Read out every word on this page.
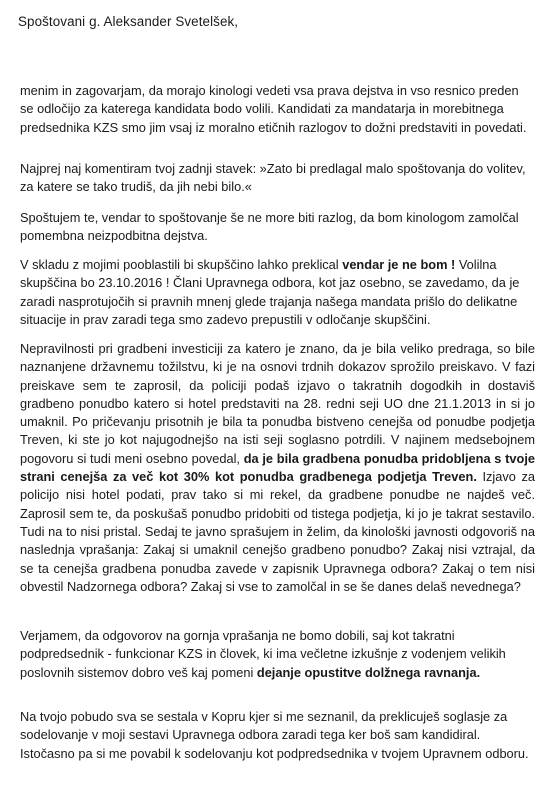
Spoštovani g. Aleksander Svetelšek,

menim in zagovarjam, da morajo kinologi vedeti vsa prava dejstva in vso resnico preden se odločijo za katerega kandidata bodo volili. Kandidati za mandatarja in morebitnega predsednika KZS smo jim vsaj iz moralno etičnih razlogov to dožni predstaviti in povedati.

Najprej naj komentiram tvoj zadnji stavek: »Zato bi predlagal malo spoštovanja do volitev, za katere se tako trudiš, da jih nebi bilo.«

Spoštujem te, vendar to spoštovanje še ne more biti razlog, da bom kinologom zamolčal pomembna neizpodbitna dejstva.

V skladu z mojimi pooblastili bi skupščino lahko preklical vendar je ne bom ! Volilna skupščina bo 23.10.2016 ! Člani Upravnega odbora, kot jaz osebno, se zavedamo, da je zaradi nasprotujočih si pravnih mnenj glede trajanja našega mandata prišlo do delikatne situacije in prav zaradi tega smo zadevo prepustili v odločanje skupščini.

Nepravilnosti pri gradbeni investiciji za katero je znano, da je bila veliko predraga, so bile naznanjene državnemu tožilstvu, ki je na osnovi trdnih dokazov sprožilo preiskavo. V fazi preiskave sem te zaprosil, da policiji podaš izjavo o takratnih dogodkih in dostaviš gradbeno ponudbo katero si hotel predstaviti na 28. redni seji UO dne 21.1.2013 in si jo umaknil. Po pričevanju prisotnih je bila ta ponudba bistveno cenejša od ponudbe podjetja Treven, ki ste jo kot najugodnejšo na isti seji soglasno potrdili. V najinem medsebojnem pogovoru si tudi meni osebno povedal, da je bila gradbena ponudba pridobljena s tvoje strani cenejša za več kot 30% kot ponudba gradbenega podjetja Treven. Izjavo za policijo nisi hotel podati, prav tako si mi rekel, da gradbene ponudbe ne najdeš več. Zaprosil sem te, da poskušaš ponudbo pridobiti od tistega podjetja, ki jo je takrat sestavilo. Tudi na to nisi pristal. Sedaj te javno sprašujem in želim, da kinološki javnosti odgovoriš na naslednja vprašanja: Zakaj si umaknil cenejšo gradbeno ponudbo? Zakaj nisi vztrajal, da se ta cenejša gradbena ponudba zavede v zapisnik Upravnega odbora? Zakaj o tem nisi obvestil Nadzornega odbora? Zakaj si vse to zamolčal in se še danes delaš nevednega?

Verjamem, da odgovorov na gornja vprašanja ne bomo dobili, saj kot takratni podpredsednik - funkcionar KZS in človek, ki ima večletne izkušnje z vodenjem velikih poslovnih sistemov dobro veš kaj pomeni dejanje opustitve dolžnega ravnanja.

Na tvojo pobudo sva se sestala v Kopru kjer si me seznanil, da preklicuješ soglasje za sodelovanje v moji sestavi Upravnega odbora zaradi tega ker boš sam kandidiral. Istočasno pa si me povabil k sodelovanju kot podpredsednika v tvojem Upravnem odboru.
